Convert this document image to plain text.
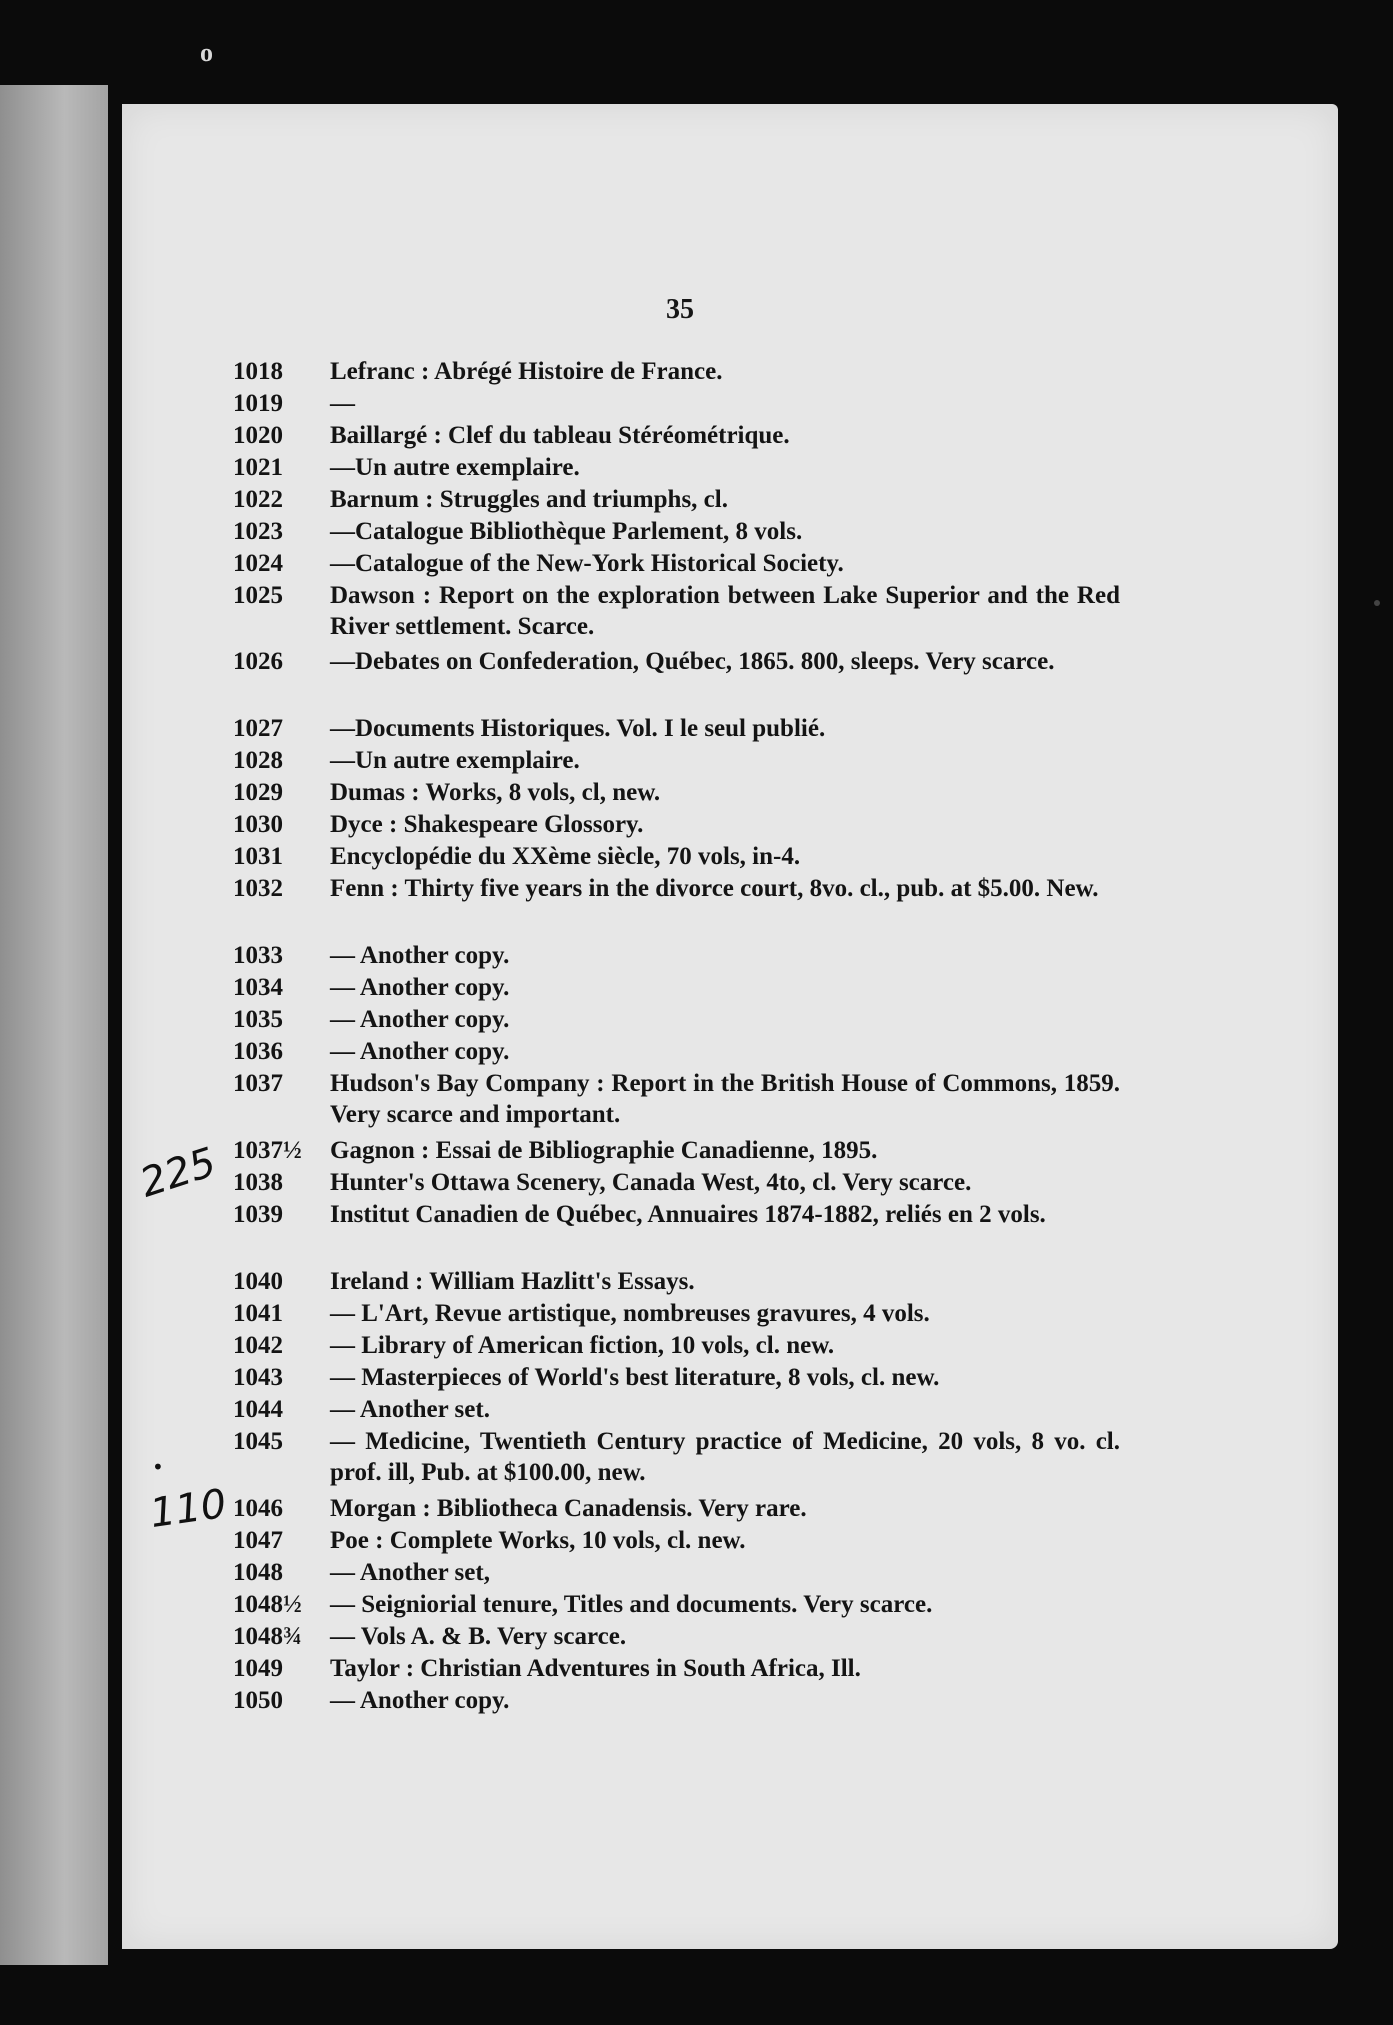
o
35
1018	Lefranc : Abrégé Histoire de France.
1019	—
1020	Baillargé : Clef du tableau Stéréométrique.
1021	—Un autre exemplaire.
1022	Barnum : Struggles and triumphs, cl.
1023	—Catalogue Bibliothèque Parlement, 8 vols.
1024	—Catalogue of the New-York Historical Society.
1025	Dawson : Report on the exploration between Lake Superior and the Red River settlement. Scarce.
1026	—Debates on Confederation, Québec, 1865. 800, sleeps. Very scarce.
1027	—Documents Historiques. Vol. I le seul publié.
1028	—Un autre exemplaire.
1029	Dumas : Works, 8 vols, cl, new.
1030	Dyce : Shakespeare Glossory.
1031	Encyclopédie du XXème siècle, 70 vols, in-4.
1032	Fenn : Thirty five years in the divorce court, 8vo. cl., pub. at $5.00. New.
1033	— Another copy.
1034	— Another copy.
1035	— Another copy.
1036	— Another copy.
1037	Hudson's Bay Company : Report in the British House of Commons, 1859. Very scarce and important.
1037½	Gagnon : Essai de Bibliographie Canadienne, 1895.
1038	Hunter's Ottawa Scenery, Canada West, 4to, cl. Very scarce.
1039	Institut Canadien de Québec, Annuaires 1874-1882, reliés en 2 vols.
1040	Ireland : William Hazlitt's Essays.
1041	— L'Art, Revue artistique, nombreuses gravures, 4 vols.
1042	— Library of American fiction, 10 vols, cl. new.
1043	— Masterpieces of World's best literature, 8 vols, cl. new.
1044	— Another set.
1045	— Medicine, Twentieth Century practice of Medicine, 20 vols, 8 vo. cl. prof. ill, Pub. at $100.00, new.
1046	Morgan : Bibliotheca Canadensis. Very rare.
1047	Poe : Complete Works, 10 vols, cl. new.
1048	— Another set,
1048½	— Seigniorial tenure, Titles and documents. Very scarce.
1048¾	— Vols A. & B. Very scarce.
1049	Taylor : Christian Adventures in South Africa, Ill.
1050	— Another copy.
225
•
110
